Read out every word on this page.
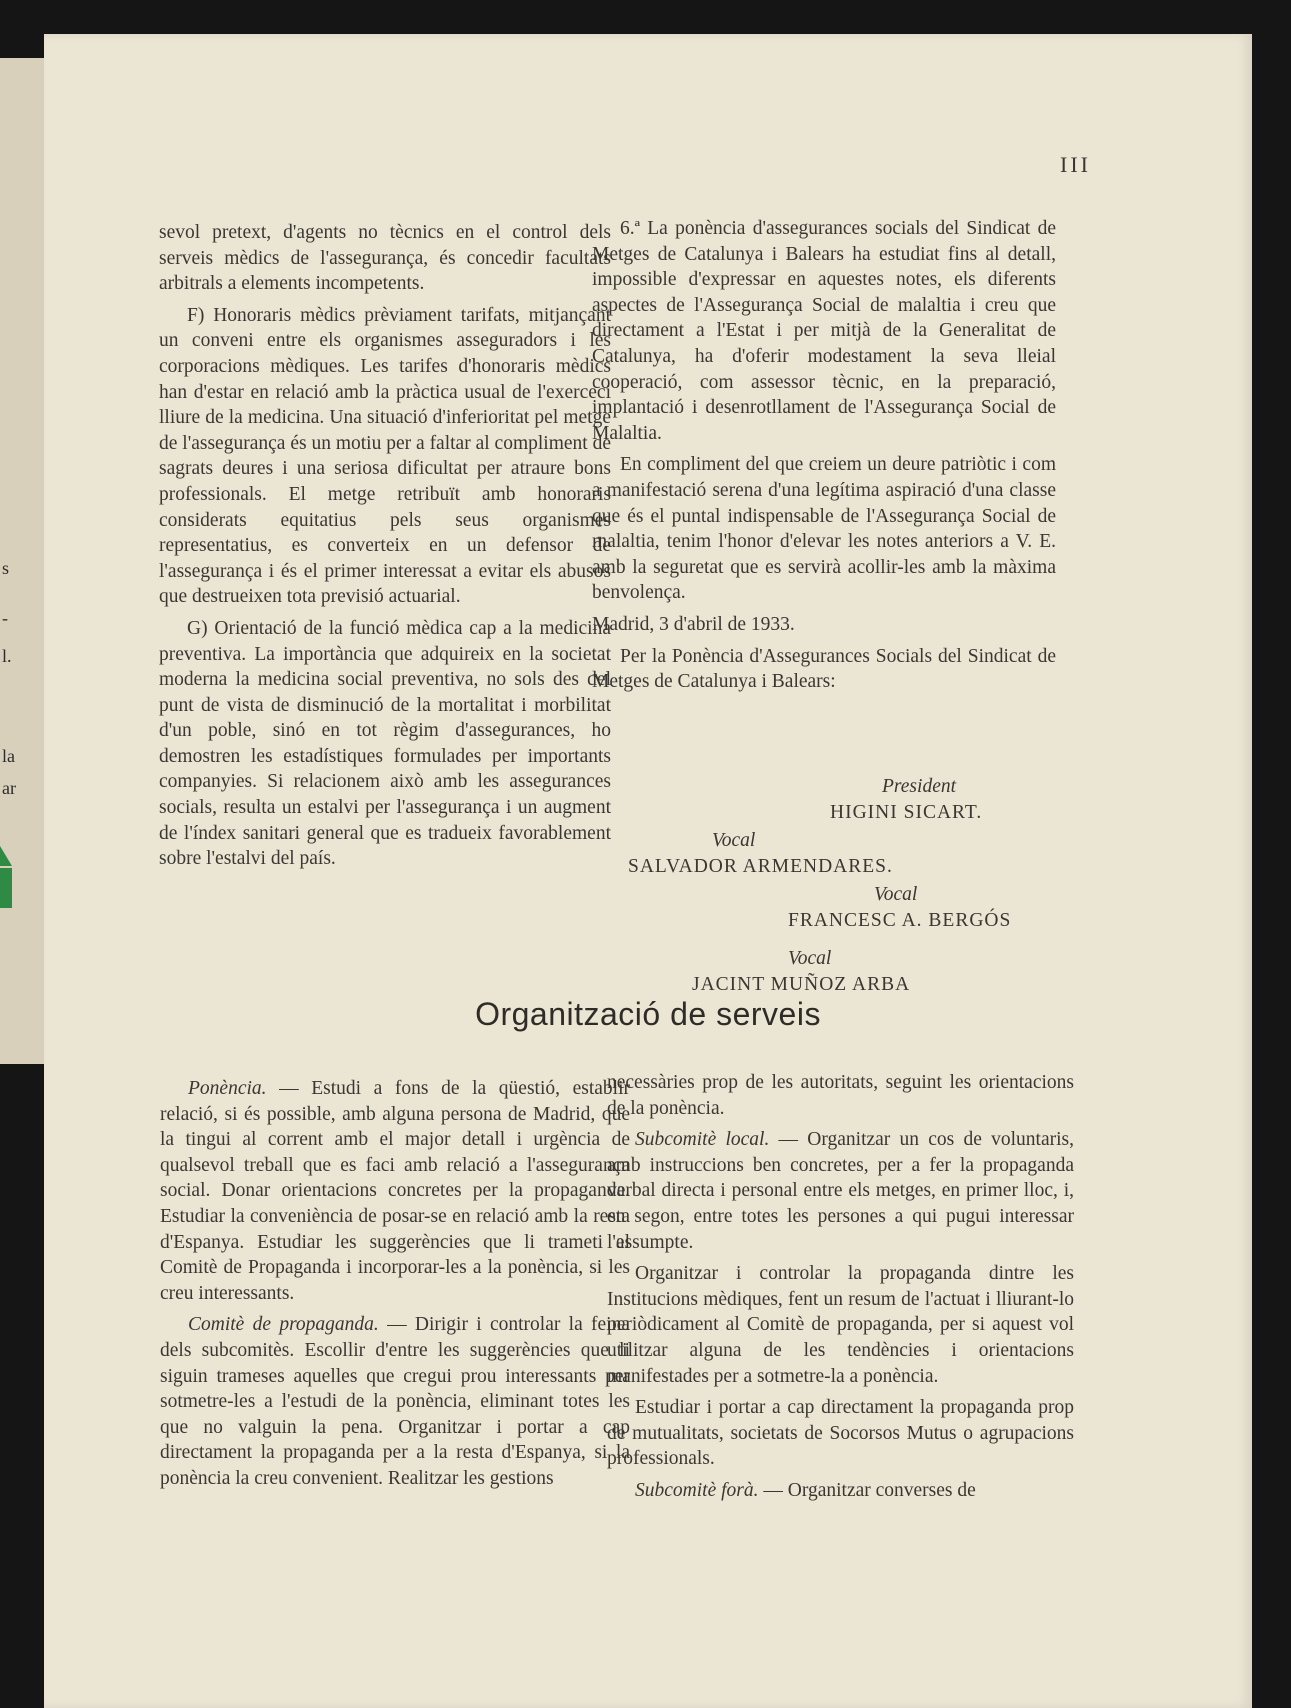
s
-
l.
la
ar
III

sevol pretext, d'agents no tècnics en el control dels serveis mèdics de l'assegurança, és concedir facultats arbitrals a elements incompetents.

F) Honoraris mèdics prèviament tarifats, mitjançant un conveni entre els organismes asseguradors i les corporacions mèdiques. Les tarifes d'honoraris mèdics han d'estar en relació amb la pràctica usual de l'exerceci lliure de la medicina. Una situació d'inferioritat pel metge de l'assegurança és un motiu per a faltar al compliment de sagrats deures i una seriosa dificultat per atraure bons professionals. El metge retribuït amb honoraris considerats equitatius pels seus organismes representatius, es converteix en un defensor de l'assegurança i és el primer interessat a evitar els abusos que destrueixen tota previsió actuarial.

G) Orientació de la funció mèdica cap a la medicina preventiva. La importància que adquireix en la societat moderna la medicina social preventiva, no sols des del punt de vista de disminució de la mortalitat i morbilitat d'un poble, sinó en tot règim d'assegurances, ho demostren les estadístiques formulades per importants companyies. Si relacionem això amb les assegurances socials, resulta un estalvi per l'assegurança i un augment de l'índex sanitari general que es tradueix favorablement sobre l'estalvi del país.

6.ª La ponència d'assegurances socials del Sindicat de Metges de Catalunya i Balears ha estudiat fins al detall, impossible d'expressar en aquestes notes, els diferents aspectes de l'Assegurança Social de malaltia i creu que directament a l'Estat i per mitjà de la Generalitat de Catalunya, ha d'oferir modestament la seva lleial cooperació, com assessor tècnic, en la preparació, implantació i desenrotllament de l'Assegurança Social de Malaltia.

En compliment del que creiem un deure patriòtic i com a manifestació serena d'una legítima aspiració d'una classe que és el puntal indispensable de l'Assegurança Social de malaltia, tenim l'honor d'elevar les notes anteriors a V. E. amb la seguretat que es servirà acollir-les amb la màxima benvolença.

Madrid, 3 d'abril de 1933.

Per la Ponència d'Assegurances Socials del Sindicat de Metges de Catalunya i Balears:

President
HIGINI SICART.
Vocal
SALVADOR ARMENDARES.
Vocal
FRANCESC A. BERGÓS
Vocal
JACINT MUÑOZ ARBA
Organització de serveis

Ponència. — Estudi a fons de la qüestió, establir relació, si és possible, amb alguna persona de Madrid, que la tingui al corrent amb el major detall i urgència de qualsevol treball que es faci amb relació a l'assegurança social. Donar orientacions concretes per la propaganda. Estudiar la conveniència de posar-se en relació amb la resta d'Espanya. Estudiar les suggerències que li trameti el Comitè de Propaganda i incorporar-les a la ponència, si les creu interessants.

Comitè de propaganda. — Dirigir i controlar la feina dels subcomitès. Escollir d'entre les suggerències que li siguin trameses aquelles que cregui prou interessants per sotmetre-les a l'estudi de la ponència, eliminant totes les que no valguin la pena. Organitzar i portar a cap directament la propaganda per a la resta d'Espanya, si la ponència la creu convenient. Realitzar les gestions

necessàries prop de les autoritats, seguint les orientacions de la ponència.

Subcomitè local. — Organitzar un cos de voluntaris, amb instruccions ben concretes, per a fer la propaganda verbal directa i personal entre els metges, en primer lloc, i, en segon, entre totes les persones a qui pugui interessar l'assumpte.

Organitzar i controlar la propaganda dintre les Institucions mèdiques, fent un resum de l'actuat i lliurant-lo periòdicament al Comitè de propaganda, per si aquest vol utilitzar alguna de les tendències i orientacions manifestades per a sotmetre-la a ponència.

Estudiar i portar a cap directament la propaganda prop de mutualitats, societats de Socorsos Mutus o agrupacions professionals.

Subcomitè forà. — Organitzar converses de
